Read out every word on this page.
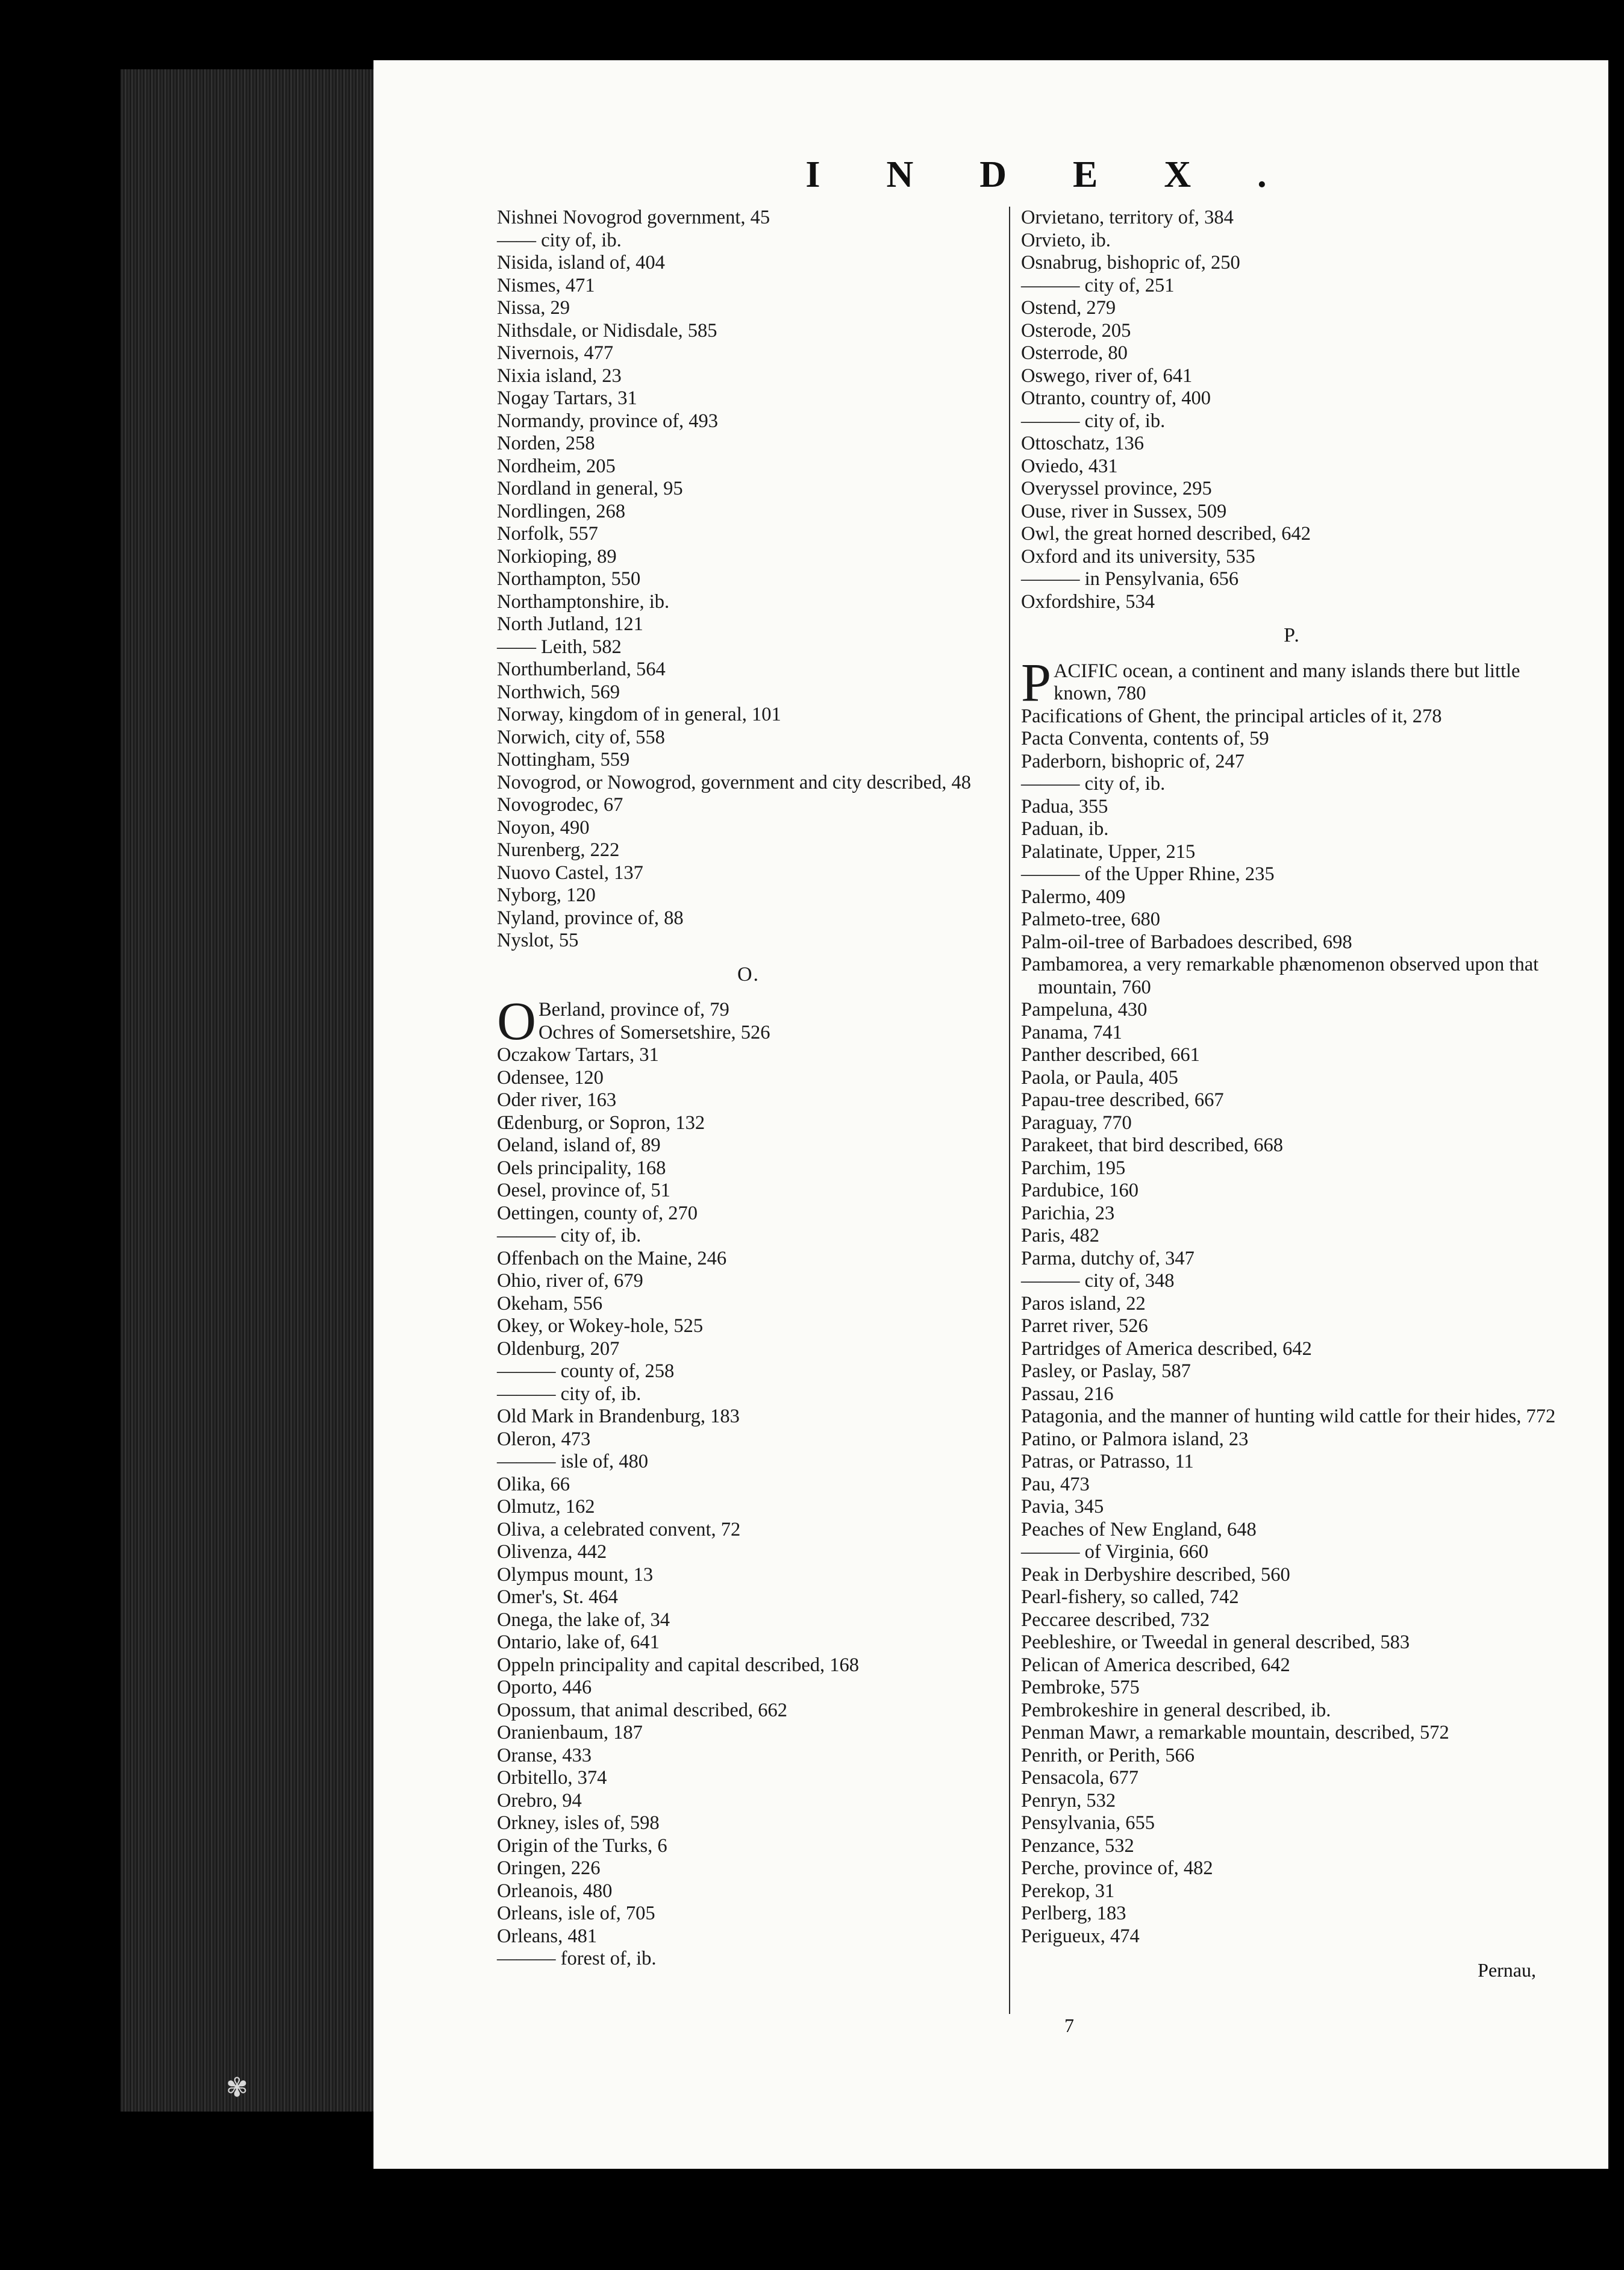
INDEX.
Nishnei Novogrod government, 45
—— city of, ib.
Nisida, island of, 404
Nismes, 471
Nissa, 29
Nithsdale, or Nidisdale, 585
Nivernois, 477
Nixia island, 23
Nogay Tartars, 31
Normandy, province of, 493
Norden, 258
Nordheim, 205
Nordland in general, 95
Nordlingen, 268
Norfolk, 557
Norkioping, 89
Northampton, 550
Northamptonshire, ib.
North Jutland, 121
—— Leith, 582
Northumberland, 564
Northwich, 569
Norway, kingdom of in general, 101
Norwich, city of, 558
Nottingham, 559
Novogrod, or Nowogrod, government and city described, 48
Novogrodec, 67
Noyon, 490
Nurenberg, 222
Nuovo Castel, 137
Nyborg, 120
Nyland, province of, 88
Nyslot, 55
O.
O Berland, province of, 79
Ochres of Somersetshire, 526
Oczakow Tartars, 31
Odensee, 120
Oder river, 163
Œdenburg, or Sopron, 132
Oeland, island of, 89
Oels principality, 168
Oesel, province of, 51
Oettingen, county of, 270
——— city of, ib.
Offenbach on the Maine, 246
Ohio, river of, 679
Okeham, 556
Okey, or Wokey-hole, 525
Oldenburg, 207
——— county of, 258
——— city of, ib.
Old Mark in Brandenburg, 183
Oleron, 473
——— isle of, 480
Olika, 66
Olmutz, 162
Oliva, a celebrated convent, 72
Olivenza, 442
Olympus mount, 13
Omer's, St. 464
Onega, the lake of, 34
Ontario, lake of, 641
Oppeln principality and capital described, 168
Oporto, 446
Opossum, that animal described, 662
Oranienbaum, 187
Oranse, 433
Orbitello, 374
Orebro, 94
Orkney, isles of, 598
Origin of the Turks, 6
Oringen, 226
Orleanois, 480
Orleans, isle of, 705
Orleans, 481
——— forest of, ib.
Orvietano, territory of, 384
Orvieto, ib.
Osnabrug, bishopric of, 250
——— city of, 251
Ostend, 279
Osterode, 205
Osterrode, 80
Oswego, river of, 641
Otranto, country of, 400
——— city of, ib.
Ottoschatz, 136
Oviedo, 431
Overyssel province, 295
Ouse, river in Sussex, 509
Owl, the great horned described, 642
Oxford and its university, 535
——— in Pensylvania, 656
Oxfordshire, 534
P.
P ACIFIC ocean, a continent and many islands there but little known, 780
Pacifications of Ghent, the principal articles of it, 278
Pacta Conventa, contents of, 59
Paderborn, bishopric of, 247
——— city of, ib.
Padua, 355
Paduan, ib.
Palatinate, Upper, 215
——— of the Upper Rhine, 235
Palermo, 409
Palmeto-tree, 680
Palm-oil-tree of Barbadoes described, 698
Pambamorea, a very remarkable phænomenon observed upon that mountain, 760
Pampeluna, 430
Panama, 741
Panther described, 661
Paola, or Paula, 405
Papau-tree described, 667
Paraguay, 770
Parakeet, that bird described, 668
Parchim, 195
Pardubice, 160
Parichia, 23
Paris, 482
Parma, dutchy of, 347
——— city of, 348
Paros island, 22
Parret river, 526
Partridges of America described, 642
Pasley, or Paslay, 587
Passau, 216
Patagonia, and the manner of hunting wild cattle for their hides, 772
Patino, or Palmora island, 23
Patras, or Patrasso, 11
Pau, 473
Pavia, 345
Peaches of New England, 648
——— of Virginia, 660
Peak in Derbyshire described, 560
Pearl-fishery, so called, 742
Peccaree described, 732
Peebleshire, or Tweedal in general described, 583
Pelican of America described, 642
Pembroke, 575
Pembrokeshire in general described, ib.
Penman Mawr, a remarkable mountain, described, 572
Penrith, or Perith, 566
Pensacola, 677
Penryn, 532
Pensylvania, 655
Penzance, 532
Perche, province of, 482
Perekop, 31
Perlberg, 183
Perigueux, 474
Pernau,
7
✾
